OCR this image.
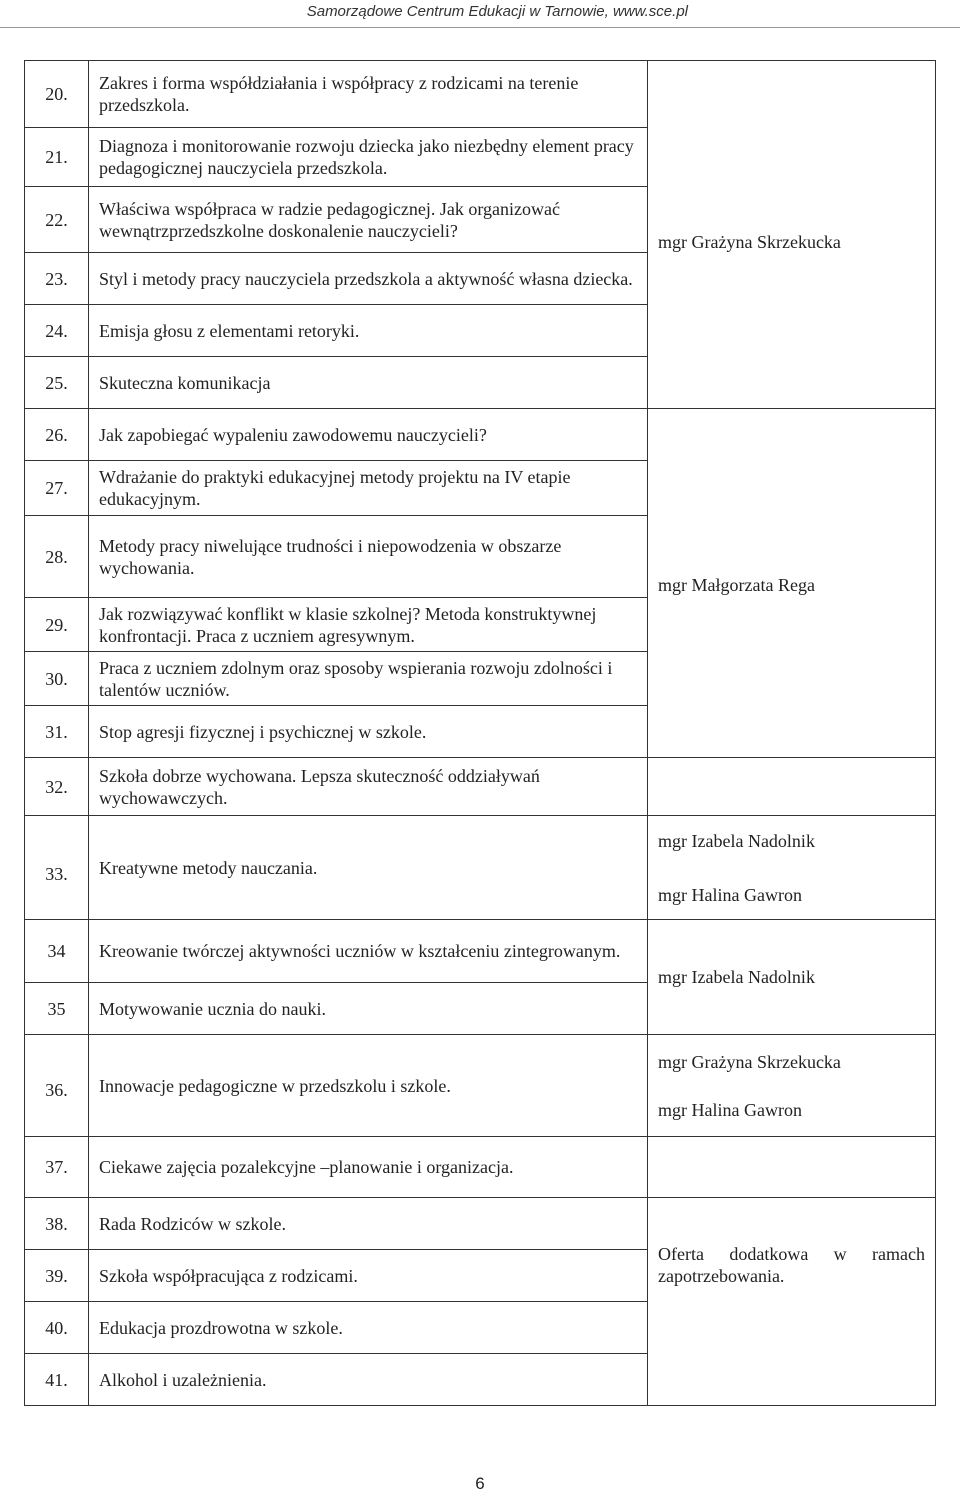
Samorządowe Centrum Edukacji w Tarnowie, www.sce.pl
20.	Zakres i forma współdziałania i współpracy z rodzicami na terenie przedszkola.	mgr Grażyna Skrzekucka
21.	Diagnoza i monitorowanie rozwoju dziecka jako niezbędny element pracy pedagogicznej nauczyciela przedszkola.	
22.	Właściwa współpraca w radzie pedagogicznej. Jak organizować wewnątrzprzedszkolne doskonalenie nauczycieli?	
23.	Styl i metody pracy nauczyciela przedszkola a aktywność własna dziecka.	
24.	Emisja głosu z elementami retoryki.	
25.	Skuteczna komunikacja	
26.	Jak zapobiegać wypaleniu zawodowemu nauczycieli?	mgr Małgorzata Rega
27.	Wdrażanie do praktyki edukacyjnej metody projektu na IV etapie edukacyjnym.	
28.	Metody pracy niwelujące trudności i niepowodzenia w obszarze wychowania.	
29.	Jak rozwiązywać konflikt w klasie szkolnej? Metoda konstruktywnej konfrontacji. Praca z uczniem agresywnym.	
30.	Praca z uczniem zdolnym oraz sposoby wspierania rozwoju zdolności i talentów uczniów.	
31.	Stop agresji fizycznej i psychicznej w szkole.	
32.	Szkoła dobrze wychowana. Lepsza skuteczność oddziaływań wychowawczych.	
33.	Kreatywne metody nauczania.	mgr Izabela Nadolnik
mgr Halina Gawron

34	Kreowanie twórczej aktywności uczniów w kształceniu zintegrowanym.	mgr Izabela Nadolnik
35	Motywowanie ucznia do nauki.	
36.	Innowacje pedagogiczne w przedszkolu i szkole.	mgr Grażyna Skrzekucka
mgr Halina Gawron

37.	Ciekawe zajęcia pozalekcyjne –planowanie i organizacja.	
38.	Rada Rodziców w szkole.	Oferta dodatkowa w ramach zapotrzebowania.

39.	Szkoła współpracująca z rodzicami.	
40.	Edukacja prozdrowotna w szkole.	
41.	Alkohol i uzależnienia.	
6
